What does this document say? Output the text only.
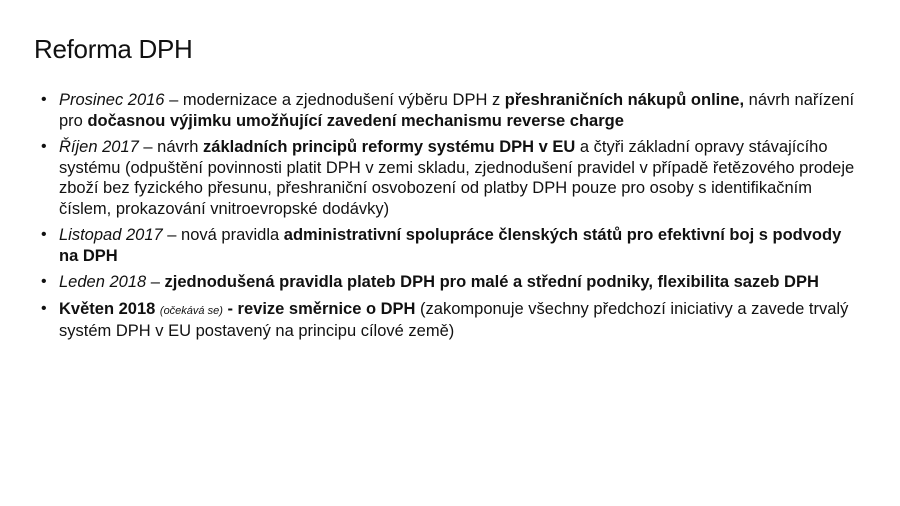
Reforma DPH
• Prosinec 2016 – modernizace a zjednodušení výběru DPH z přeshraničních nákupů online, návrh nařízení pro dočasnou výjimku umožňující zavedení mechanismu reverse charge
• Říjen 2017 – návrh základních principů reformy systému DPH v EU a čtyři základní opravy stávajícího systému (odpuštění povinnosti platit DPH v zemi skladu, zjednodušení pravidel v případě řetězového prodeje zboží bez fyzického přesunu, přeshraniční osvobození od platby DPH pouze pro osoby s identifikačním číslem, prokazování vnitroevropské dodávky)
• Listopad 2017 – nová pravidla administrativní spolupráce členských států pro efektivní boj s podvody na DPH
• Leden 2018 – zjednodušená pravidla plateb DPH pro malé a střední podniky, flexibilita sazeb DPH
• Květen 2018 (očekává se) - revize směrnice o DPH (zakomponuje všechny předchozí iniciativy a zavede trvalý systém DPH v EU postavený na principu cílové země)
